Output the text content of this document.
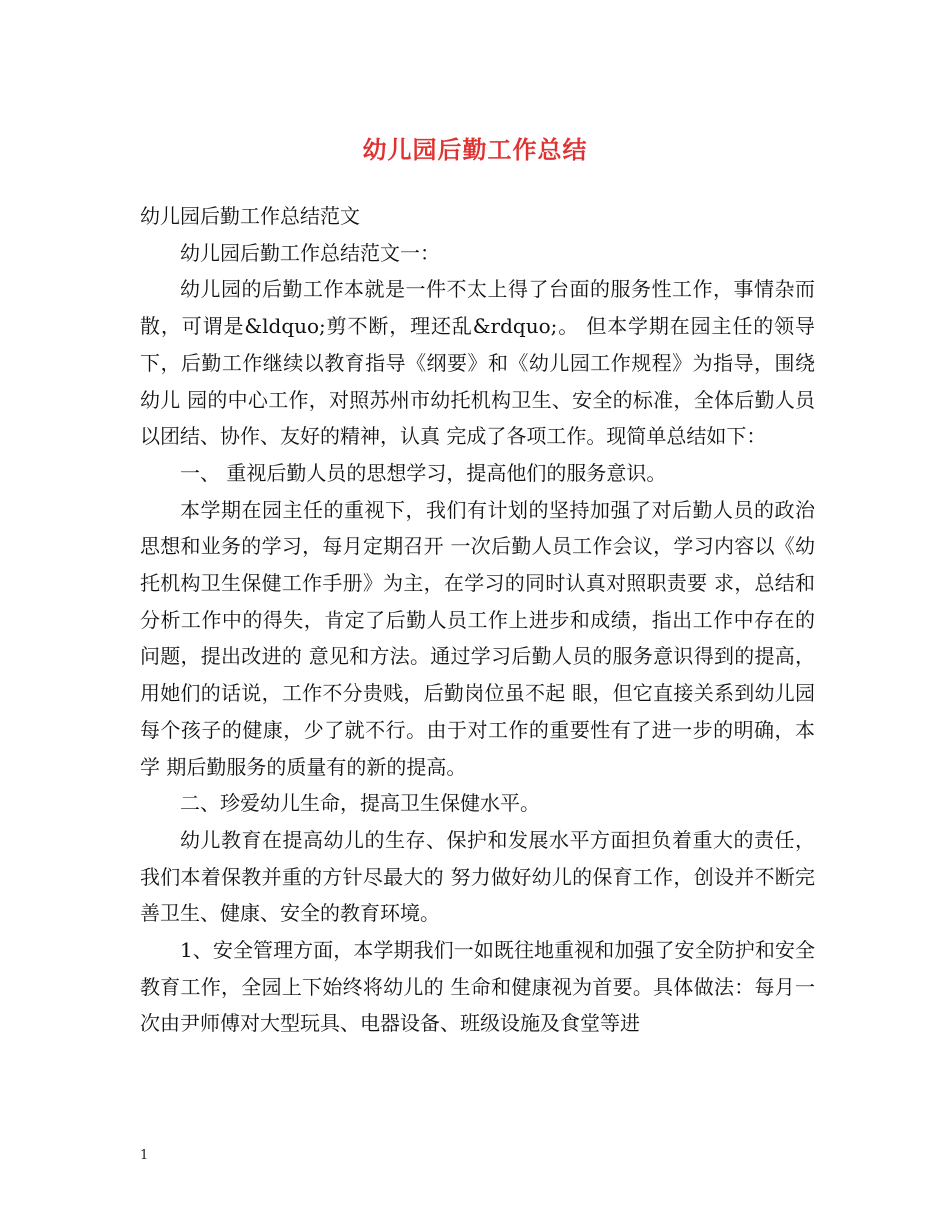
幼儿园后勤工作总结

幼儿园后勤工作总结范文

幼儿园后勤工作总结范文一：

幼儿园的后勤工作本就是一件不太上得了台面的服务性工作，事情杂而散，可谓是&ldquo;剪不断，理还乱&rdquo;。 但本学期在园主任的领导下，后勤工作继续以教育指导《纲要》和《幼儿园工作规程》为指导，围绕幼儿 园的中心工作，对照苏州市幼托机构卫生、安全的标准，全体后勤人员以团结、协作、友好的精神，认真 完成了各项工作。现简单总结如下：

一、 重视后勤人员的思想学习，提高他们的服务意识。

本学期在园主任的重视下，我们有计划的坚持加强了对后勤人员的政治思想和业务的学习，每月定期召开 一次后勤人员工作会议，学习内容以《幼托机构卫生保健工作手册》为主，在学习的同时认真对照职责要 求，总结和分析工作中的得失，肯定了后勤人员工作上进步和成绩，指出工作中存在的问题，提出改进的 意见和方法。通过学习后勤人员的服务意识得到的提高，用她们的话说，工作不分贵贱，后勤岗位虽不起 眼，但它直接关系到幼儿园每个孩子的健康，少了就不行。由于对工作的重要性有了进一步的明确，本学 期后勤服务的质量有的新的提高。

二、珍爱幼儿生命，提高卫生保健水平。

幼儿教育在提高幼儿的生存、保护和发展水平方面担负着重大的责任，我们本着保教并重的方针尽最大的 努力做好幼儿的保育工作，创设并不断完善卫生、健康、安全的教育环境。

1、安全管理方面，本学期我们一如既往地重视和加强了安全防护和安全教育工作，全园上下始终将幼儿的 生命和健康视为首要。具体做法：每月一次由尹师傅对大型玩具、电器设备、班级设施及食堂等进

1
